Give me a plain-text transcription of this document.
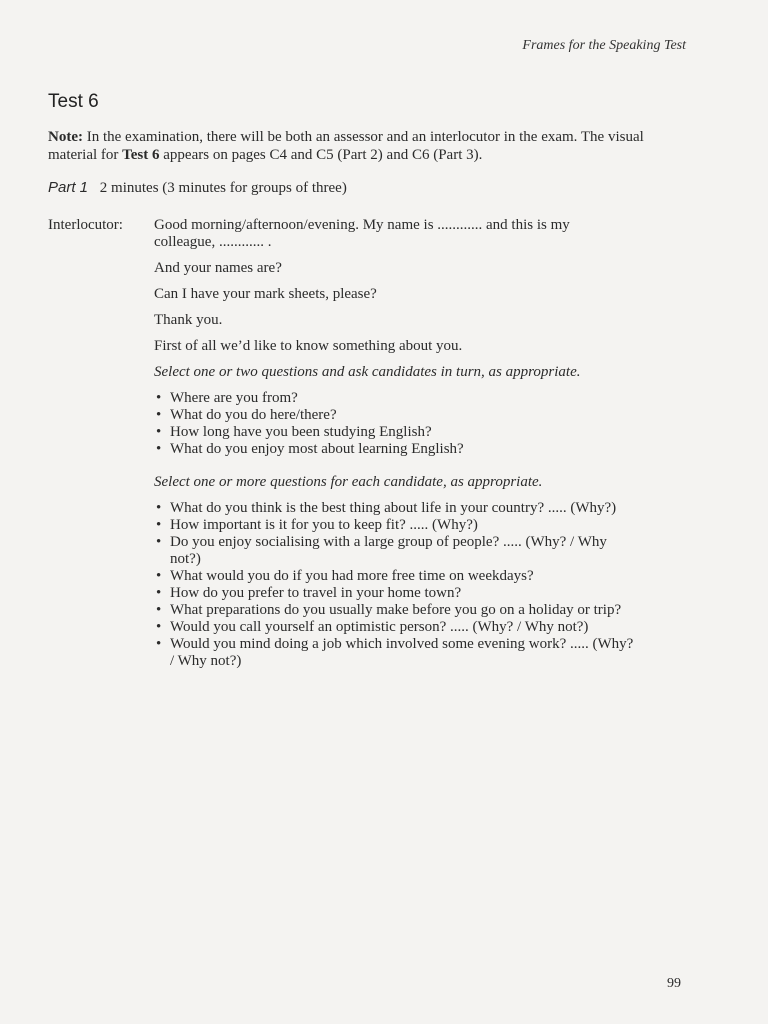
Frames for the Speaking Test
Test 6
Note: In the examination, there will be both an assessor and an interlocutor in the exam. The visual material for Test 6 appears on pages C4 and C5 (Part 2) and C6 (Part 3).
Part 1 2 minutes (3 minutes for groups of three)
Interlocutor: Good morning/afternoon/evening. My name is ............ and this is my colleague, ............ .

And your names are?

Can I have your mark sheets, please?

Thank you.

First of all we’d like to know something about you.

Select one or two questions and ask candidates in turn, as appropriate.

• Where are you from?
• What do you do here/there?
• How long have you been studying English?
• What do you enjoy most about learning English?

Select one or more questions for each candidate, as appropriate.

• What do you think is the best thing about life in your country? ..... (Why?)
• How important is it for you to keep fit? ..... (Why?)
• Do you enjoy socialising with a large group of people? ..... (Why? / Why not?)
• What would you do if you had more free time on weekdays?
• How do you prefer to travel in your home town?
• What preparations do you usually make before you go on a holiday or trip?
• Would you call yourself an optimistic person? ..... (Why? / Why not?)
• Would you mind doing a job which involved some evening work? ..... (Why? / Why not?)
99
